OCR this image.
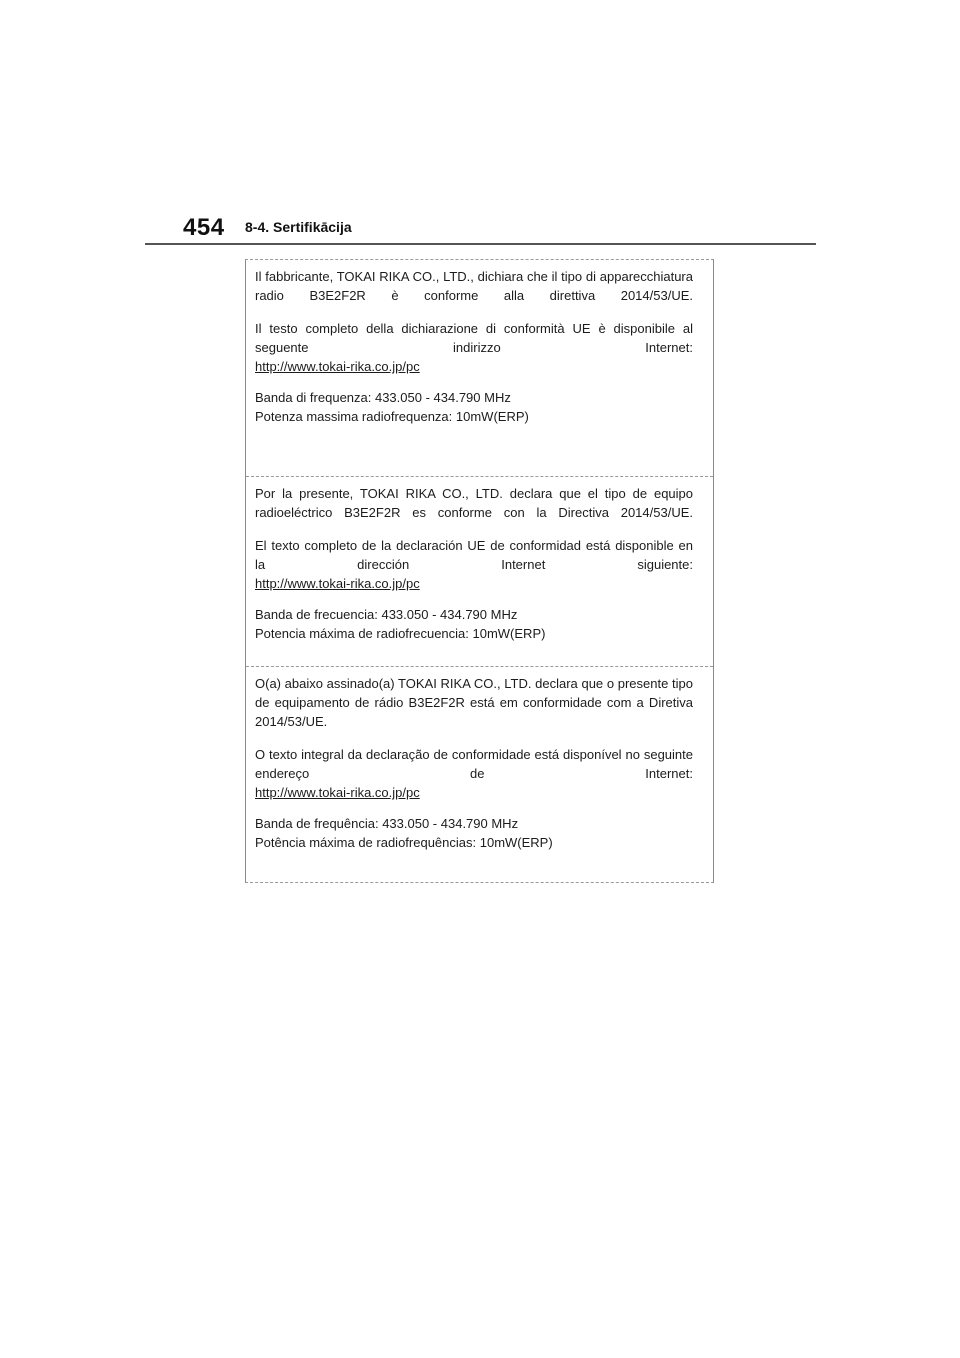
454 8-4. Sertifikācija

Il fabbricante, TOKAI RIKA CO., LTD., dichiara che il tipo di apparecchiatura radio B3E2F2R è conforme alla direttiva 2014/53/UE.

Il testo completo della dichiarazione di conformità UE è disponibile al seguente indirizzo Internet:
http://www.tokai-rika.co.jp/pc

Banda di frequenza: 433.050 - 434.790 MHz
Potenza massima radiofrequenza: 10mW(ERP)

Por la presente, TOKAI RIKA CO., LTD. declara que el tipo de equipo radioeléctrico B3E2F2R es conforme con la Directiva 2014/53/UE.

El texto completo de la declaración UE de conformidad está disponible en la dirección Internet siguiente:
http://www.tokai-rika.co.jp/pc

Banda de frecuencia: 433.050 - 434.790 MHz
Potencia máxima de radiofrecuencia: 10mW(ERP)

O(a) abaixo assinado(a) TOKAI RIKA CO., LTD. declara que o presente tipo de equipamento de rádio B3E2F2R está em conformidade com a Diretiva 2014/53/UE.

O texto integral da declaração de conformidade está disponível no seguinte endereço de Internet:
http://www.tokai-rika.co.jp/pc

Banda de frequência: 433.050 - 434.790 MHz
Potência máxima de radiofrequências: 10mW(ERP)
